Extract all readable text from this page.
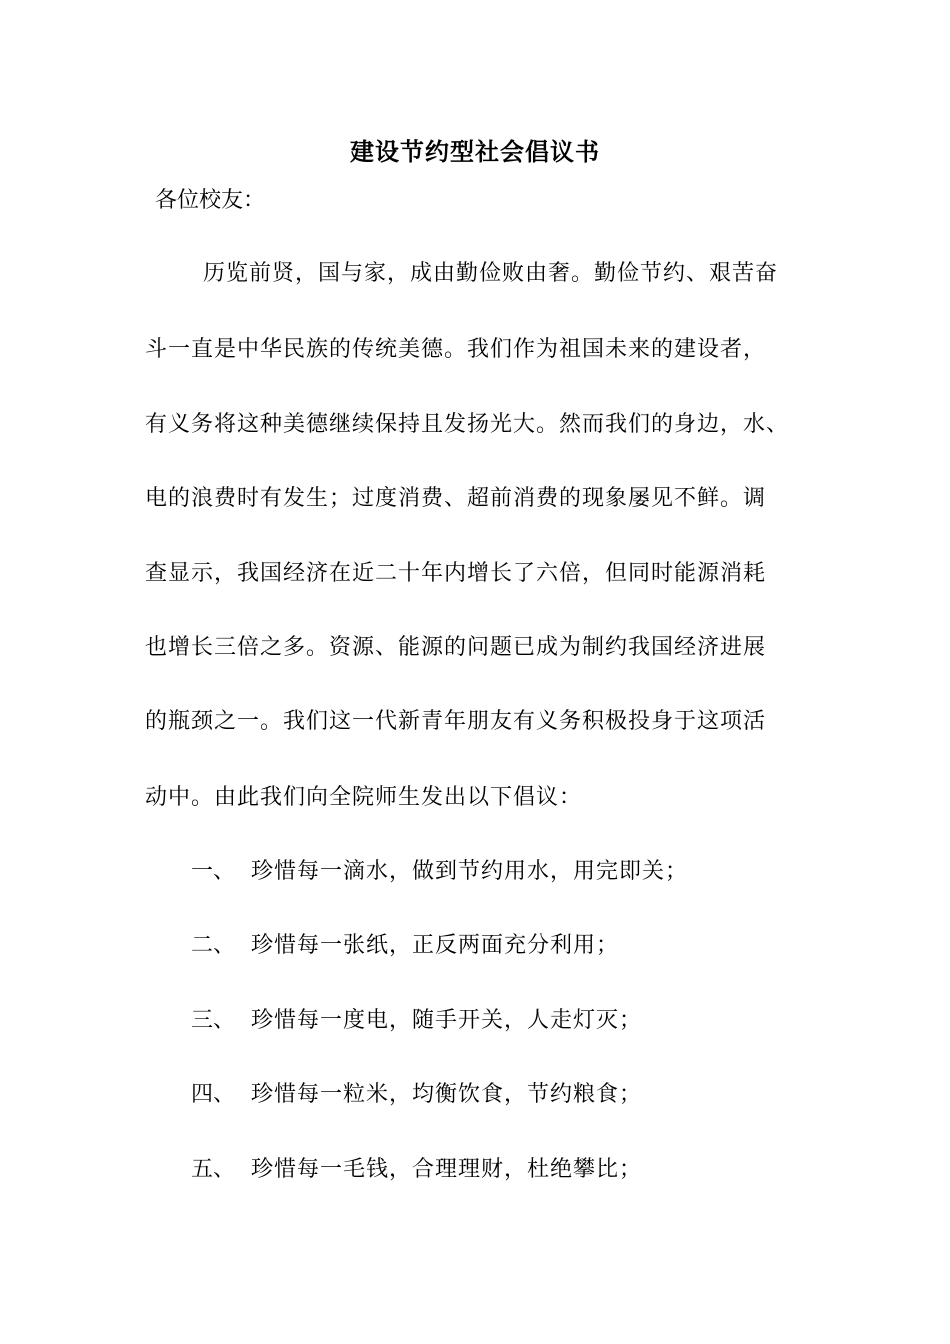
建设节约型社会倡议书
各位校友：
历览前贤，国与家，成由勤俭败由奢。勤俭节约、艰苦奋
斗一直是中华民族的传统美德。我们作为祖国未来的建设者，
有义务将这种美德继续保持且发扬光大。然而我们的身边，水、
电的浪费时有发生；过度消费、超前消费的现象屡见不鲜。调
查显示，我国经济在近二十年内增长了六倍，但同时能源消耗
也增长三倍之多。资源、能源的问题已成为制约我国经济进展
的瓶颈之一。我们这一代新青年朋友有义务积极投身于这项活
动中。由此我们向全院师生发出以下倡议：
一、 珍惜每一滴水，做到节约用水，用完即关；
二、 珍惜每一张纸，正反两面充分利用；
三、 珍惜每一度电，随手开关，人走灯灭；
四、 珍惜每一粒米，均衡饮食，节约粮食；
五、 珍惜每一毛钱，合理理财，杜绝攀比；
